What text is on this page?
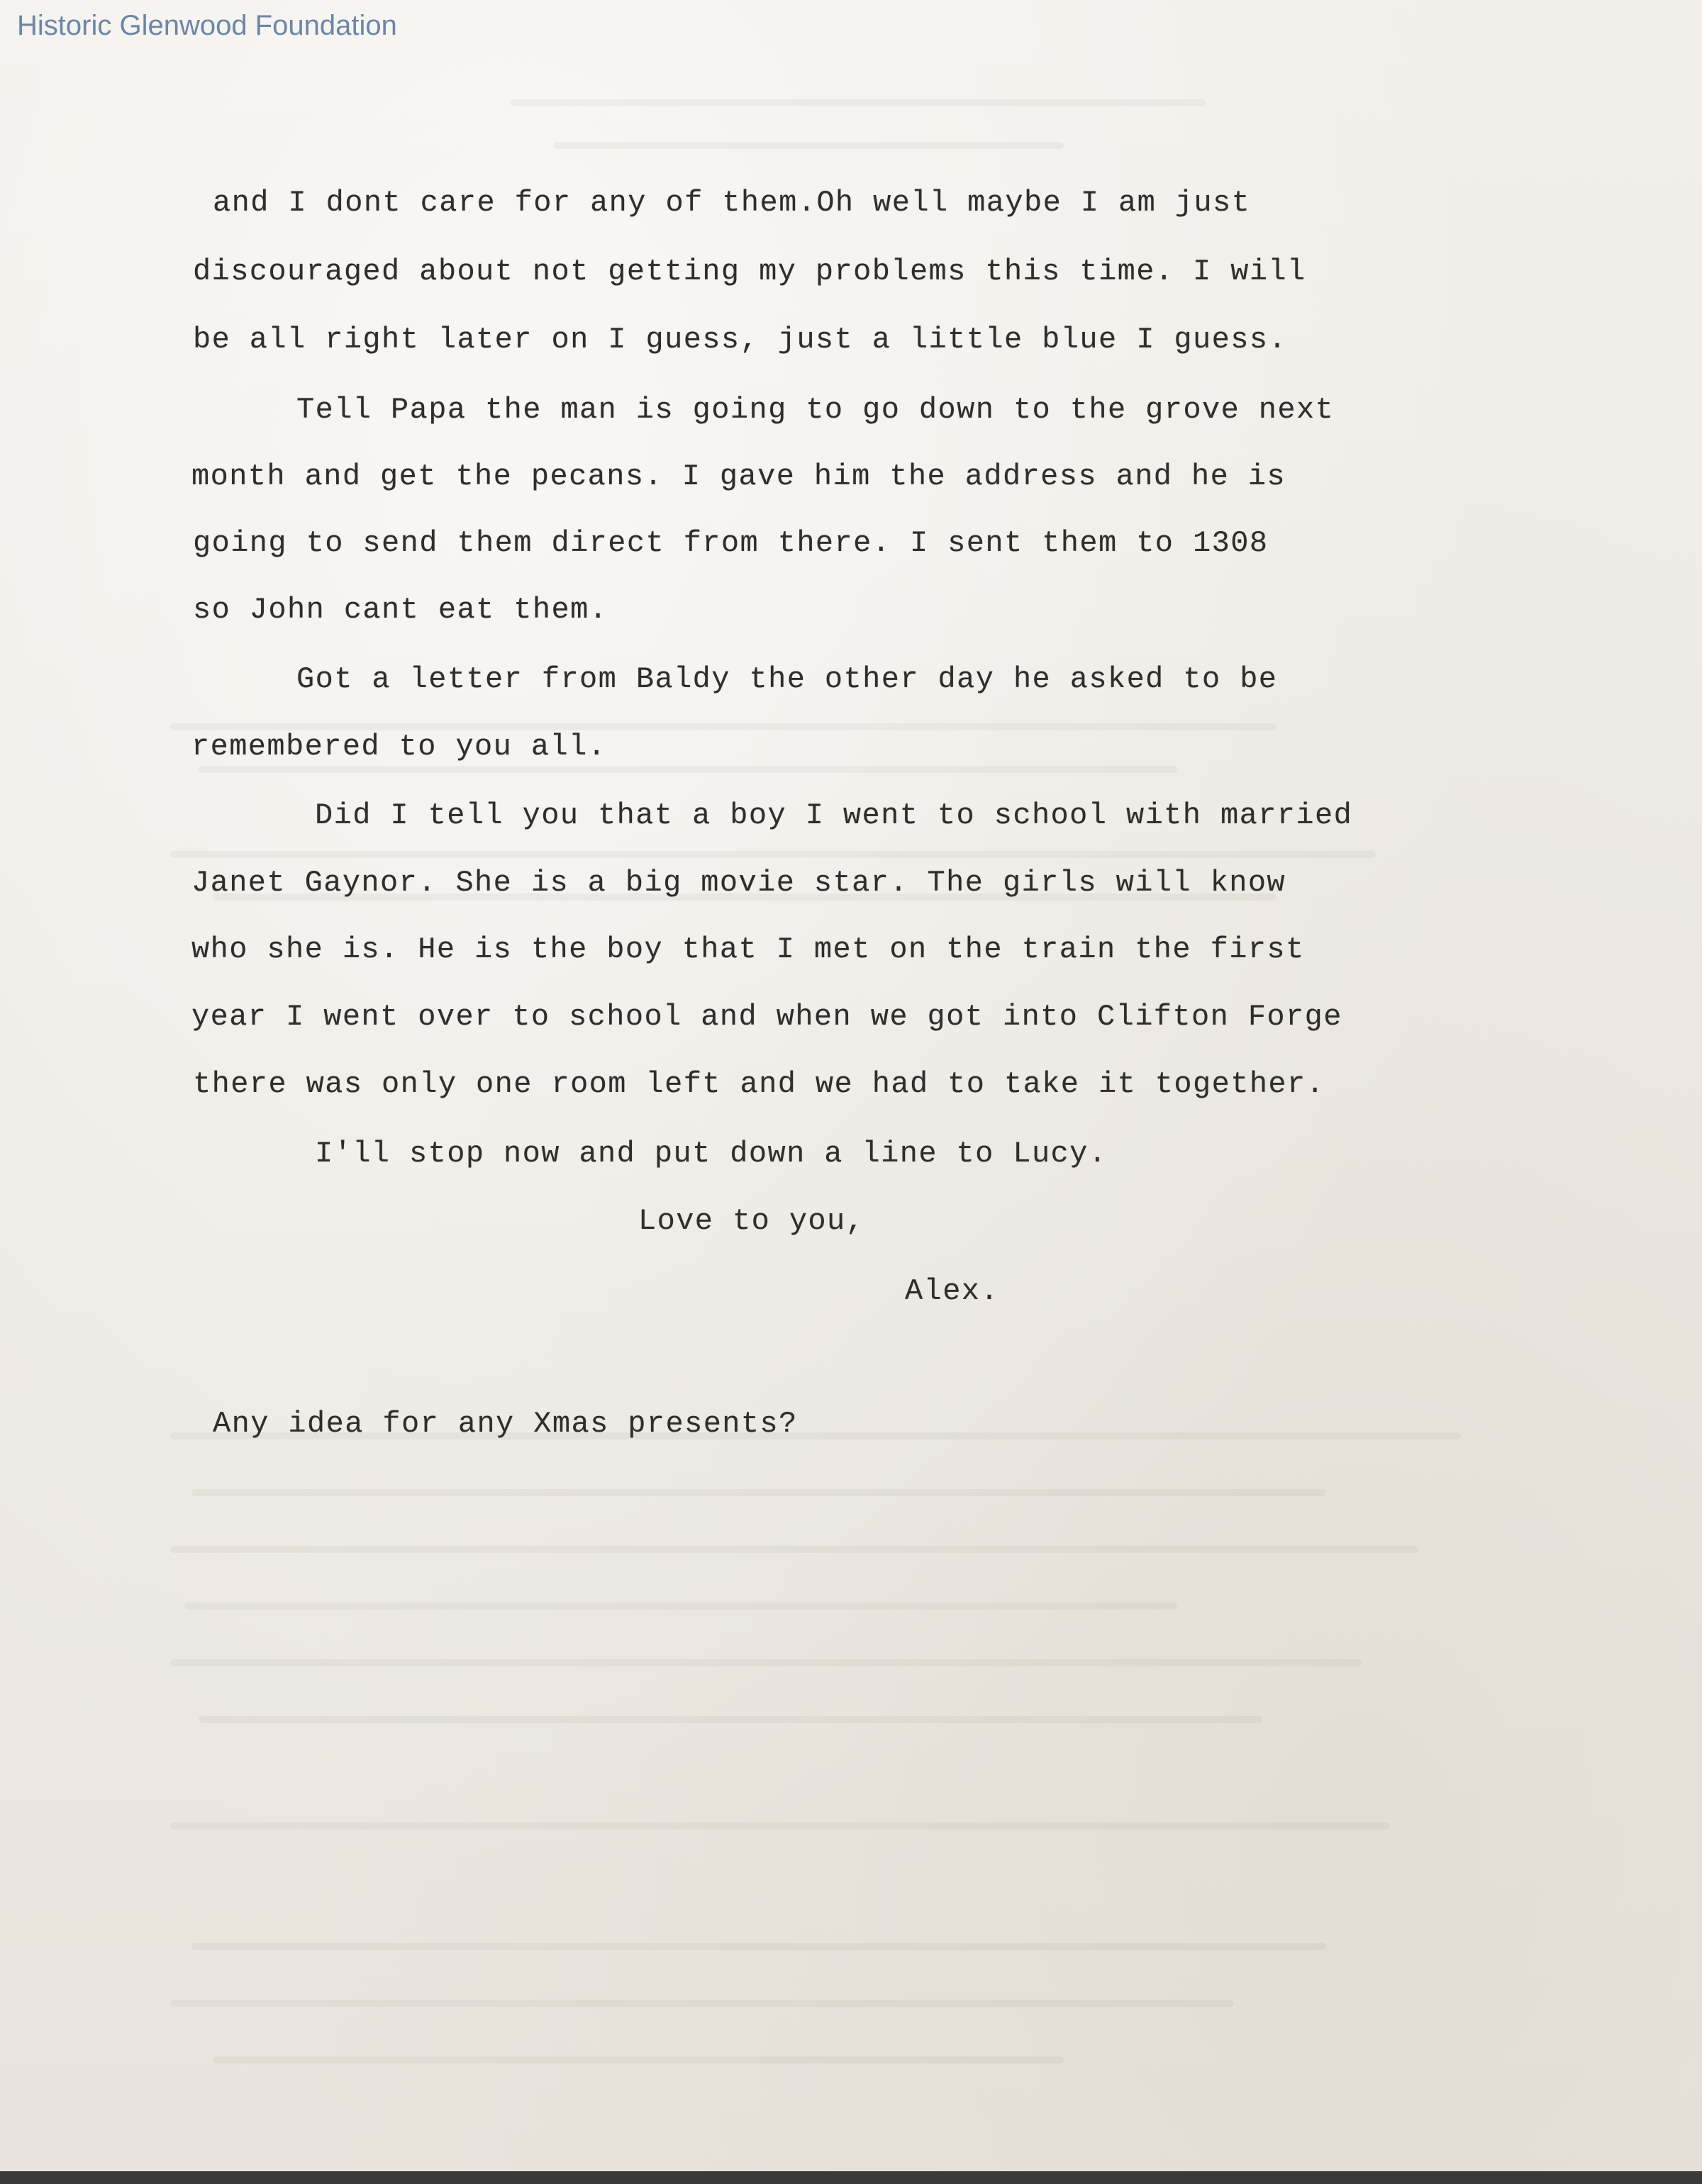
Historic Glenwood Foundation
and I dont care for any of them.Oh well maybe I am just
discouraged about not getting my problems this time. I will
be all right later on I guess, just a little blue I guess.
Tell Papa the man is going to go down to the grove next
month and get the pecans. I gave him the address and he is
going to send them direct from there. I sent them to 1308
so John cant eat them.
Got a letter from Baldy the other day he asked to be
remembered to you all.
Did I tell you that a boy I went to school with married
Janet Gaynor. She is a big movie star. The girls will know
who she is. He is the boy that I met on the train the first
year I went over to school and when we got into Clifton Forge
there was only one room left and we had to take it together.
I'll stop now and put down a line to Lucy.
Love to you,
Alex.
Any idea for any Xmas presents?
